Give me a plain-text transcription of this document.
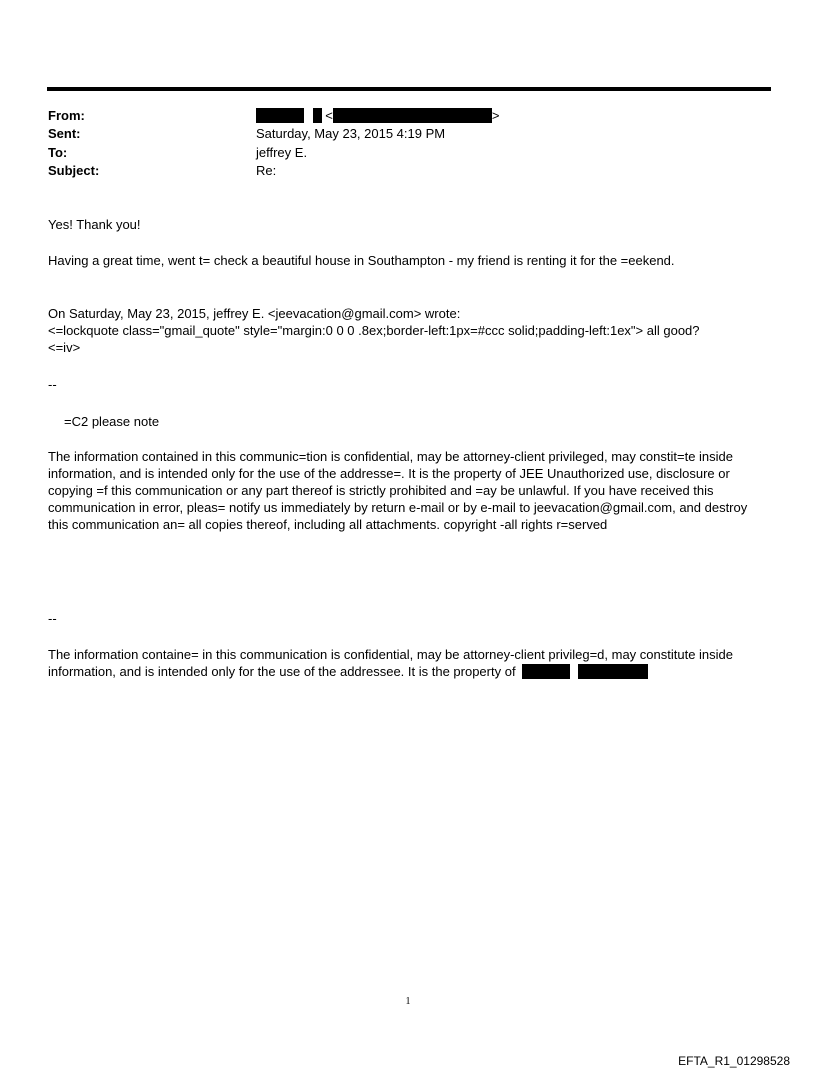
From:	<	>
Sent:	Saturday, May 23, 2015 4:19 PM
To:	jeffrey E.
Subject:	Re:
Yes! Thank you!
Having a great time, went t= check a beautiful house in Southampton - my friend is renting it for the =eekend.
On Saturday, May 23, 2015, jeffrey E. <jeevacation@gmail.com> wrote:
<=lockquote class="gmail_quote" style="margin:0 0 0 .8ex;border-left:1px=#ccc solid;padding-left:1ex"> all good?
<=iv>
--
=C2 please note
The information contained in this communic=tion is confidential, may be attorney-client privileged, may constit=te inside information, and is intended only for the use of the addresse=. It is the property of JEE Unauthorized use, disclosure or copying =f this communication or any part thereof is strictly prohibited and =ay be unlawful. If you have received this communication in error, pleas= notify us immediately by return e-mail or by e-mail to jeevacation@gmail.com, and destroy this communication an= all copies thereof, including all attachments. copyright -all rights r=served
--
The information containe= in this communication is confidential, may be attorney-client privileg=d, may constitute inside information, and is intended only for the use of the addressee. It is the property of
1
EFTA_R1_01298528
